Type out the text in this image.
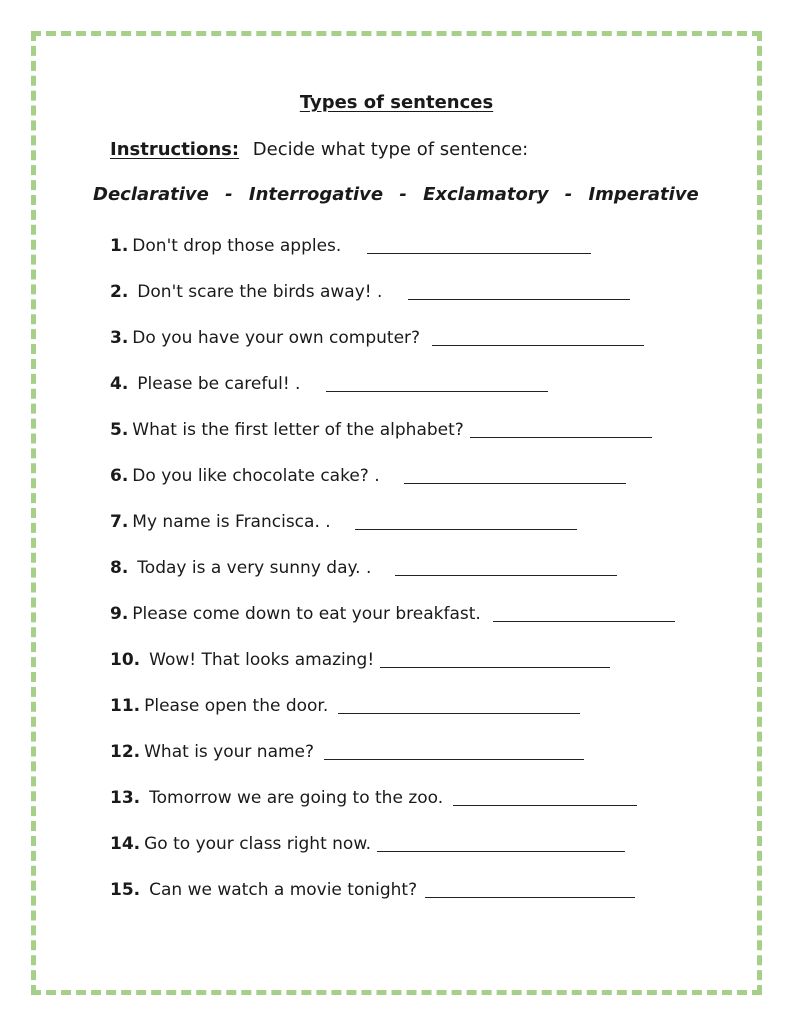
Types of sentences
Instructions: Decide what type of sentence:
Declarative - Interrogative - Exclamatory - Imperative
1. Don't drop those apples.
2. Don't scare the birds away! .
3. Do you have your own computer?
4. Please be careful! .
5. What is the first letter of the alphabet?
6. Do you like chocolate cake? .
7. My name is Francisca. .
8. Today is a very sunny day. .
9. Please come down to eat your breakfast.
10. Wow! That looks amazing!
11. Please open the door.
12. What is your name?
13. Tomorrow we are going to the zoo.
14. Go to your class right now.
15. Can we watch a movie tonight?
